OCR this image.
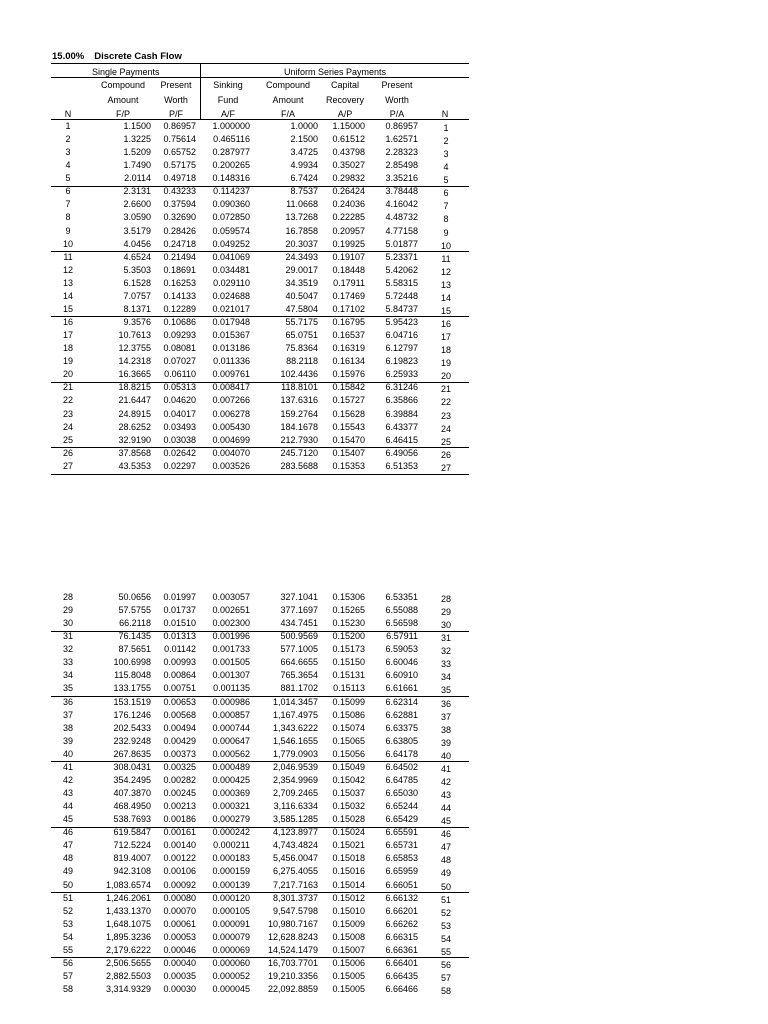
15.00% Discrete Cash Flow
Single Payments	Uniform Series Payments
Compound	Present	Sinking	Compound	Capital	Present
Amount	Worth	Fund	Amount	Recovery	Worth
N	F/P	P/F	A/F	F/A	A/P	P/A	N
1	1.1500	0.86957	1.000000	1.0000	1.15000	0.86957	1
2	1.3225	0.75614	0.465116	2.1500	0.61512	1.62571	2
3	1.5209	0.65752	0.287977	3.4725	0.43798	2.28323	3
4	1.7490	0.57175	0.200265	4.9934	0.35027	2.85498	4
5	2.0114	0.49718	0.148316	6.7424	0.29832	3.35216	5
6	2.3131	0.43233	0.114237	8.7537	0.26424	3.78448	6
7	2.6600	0.37594	0.090360	11.0668	0.24036	4.16042	7
8	3.0590	0.32690	0.072850	13.7268	0.22285	4.48732	8
9	3.5179	0.28426	0.059574	16.7858	0.20957	4.77158	9
10	4.0456	0.24718	0.049252	20.3037	0.19925	5.01877	10
11	4.6524	0.21494	0.041069	24.3493	0.19107	5.23371	11
12	5.3503	0.18691	0.034481	29.0017	0.18448	5.42062	12
13	6.1528	0.16253	0.029110	34.3519	0.17911	5.58315	13
14	7.0757	0.14133	0.024688	40.5047	0.17469	5.72448	14
15	8.1371	0.12289	0.021017	47.5804	0.17102	5.84737	15
16	9.3576	0.10686	0.017948	55.7175	0.16795	5.95423	16
17	10.7613	0.09293	0.015367	65.0751	0.16537	6.04716	17
18	12.3755	0.08081	0.013186	75.8364	0.16319	6.12797	18
19	14.2318	0.07027	0.011336	88.2118	0.16134	6.19823	19
20	16.3665	0.06110	0.009761	102.4436	0.15976	6.25933	20
21	18.8215	0.05313	0.008417	118.8101	0.15842	6.31246	21
22	21.6447	0.04620	0.007266	137.6316	0.15727	6.35866	22
23	24.8915	0.04017	0.006278	159.2764	0.15628	6.39884	23
24	28.6252	0.03493	0.005430	184.1678	0.15543	6.43377	24
25	32.9190	0.03038	0.004699	212.7930	0.15470	6.46415	25
26	37.8568	0.02642	0.004070	245.7120	0.15407	6.49056	26
27	43.5353	0.02297	0.003526	283.5688	0.15353	6.51353	27
28	50.0656	0.01997	0.003057	327.1041	0.15306	6.53351	28
29	57.5755	0.01737	0.002651	377.1697	0.15265	6.55088	29
30	66.2118	0.01510	0.002300	434.7451	0.15230	6.56598	30
31	76.1435	0.01313	0.001996	500.9569	0.15200	6.57911	31
32	87.5651	0.01142	0.001733	577.1005	0.15173	6.59053	32
33	100.6998	0.00993	0.001505	664.6655	0.15150	6.60046	33
34	115.8048	0.00864	0.001307	765.3654	0.15131	6.60910	34
35	133.1755	0.00751	0.001135	881.1702	0.15113	6.61661	35
36	153.1519	0.00653	0.000986	1,014.3457	0.15099	6.62314	36
37	176.1246	0.00568	0.000857	1,167.4975	0.15086	6.62881	37
38	202.5433	0.00494	0.000744	1,343.6222	0.15074	6.63375	38
39	232.9248	0.00429	0.000647	1,546.1655	0.15065	6.63805	39
40	267.8635	0.00373	0.000562	1,779.0903	0.15056	6.64178	40
41	308.0431	0.00325	0.000489	2,046.9539	0.15049	6.64502	41
42	354.2495	0.00282	0.000425	2,354.9969	0.15042	6.64785	42
43	407.3870	0.00245	0.000369	2,709.2465	0.15037	6.65030	43
44	468.4950	0.00213	0.000321	3,116.6334	0.15032	6.65244	44
45	538.7693	0.00186	0.000279	3,585.1285	0.15028	6.65429	45
46	619.5847	0.00161	0.000242	4,123.8977	0.15024	6.65591	46
47	712.5224	0.00140	0.000211	4,743.4824	0.15021	6.65731	47
48	819.4007	0.00122	0.000183	5,456.0047	0.15018	6.65853	48
49	942.3108	0.00106	0.000159	6,275.4055	0.15016	6.65959	49
50	1,083.6574	0.00092	0.000139	7,217.7163	0.15014	6.66051	50
51	1,246.2061	0.00080	0.000120	8,301.3737	0.15012	6.66132	51
52	1,433.1370	0.00070	0.000105	9,547.5798	0.15010	6.66201	52
53	1,648.1075	0.00061	0.000091	10,980.7167	0.15009	6.66262	53
54	1,895.3236	0.00053	0.000079	12,628.8243	0.15008	6.66315	54
55	2,179.6222	0.00046	0.000069	14,524.1479	0.15007	6.66361	55
56	2,506.5655	0.00040	0.000060	16,703.7701	0.15006	6.66401	56
57	2,882.5503	0.00035	0.000052	19,210.3356	0.15005	6.66435	57
58	3,314.9329	0.00030	0.000045	22,092.8859	0.15005	6.66466	58
